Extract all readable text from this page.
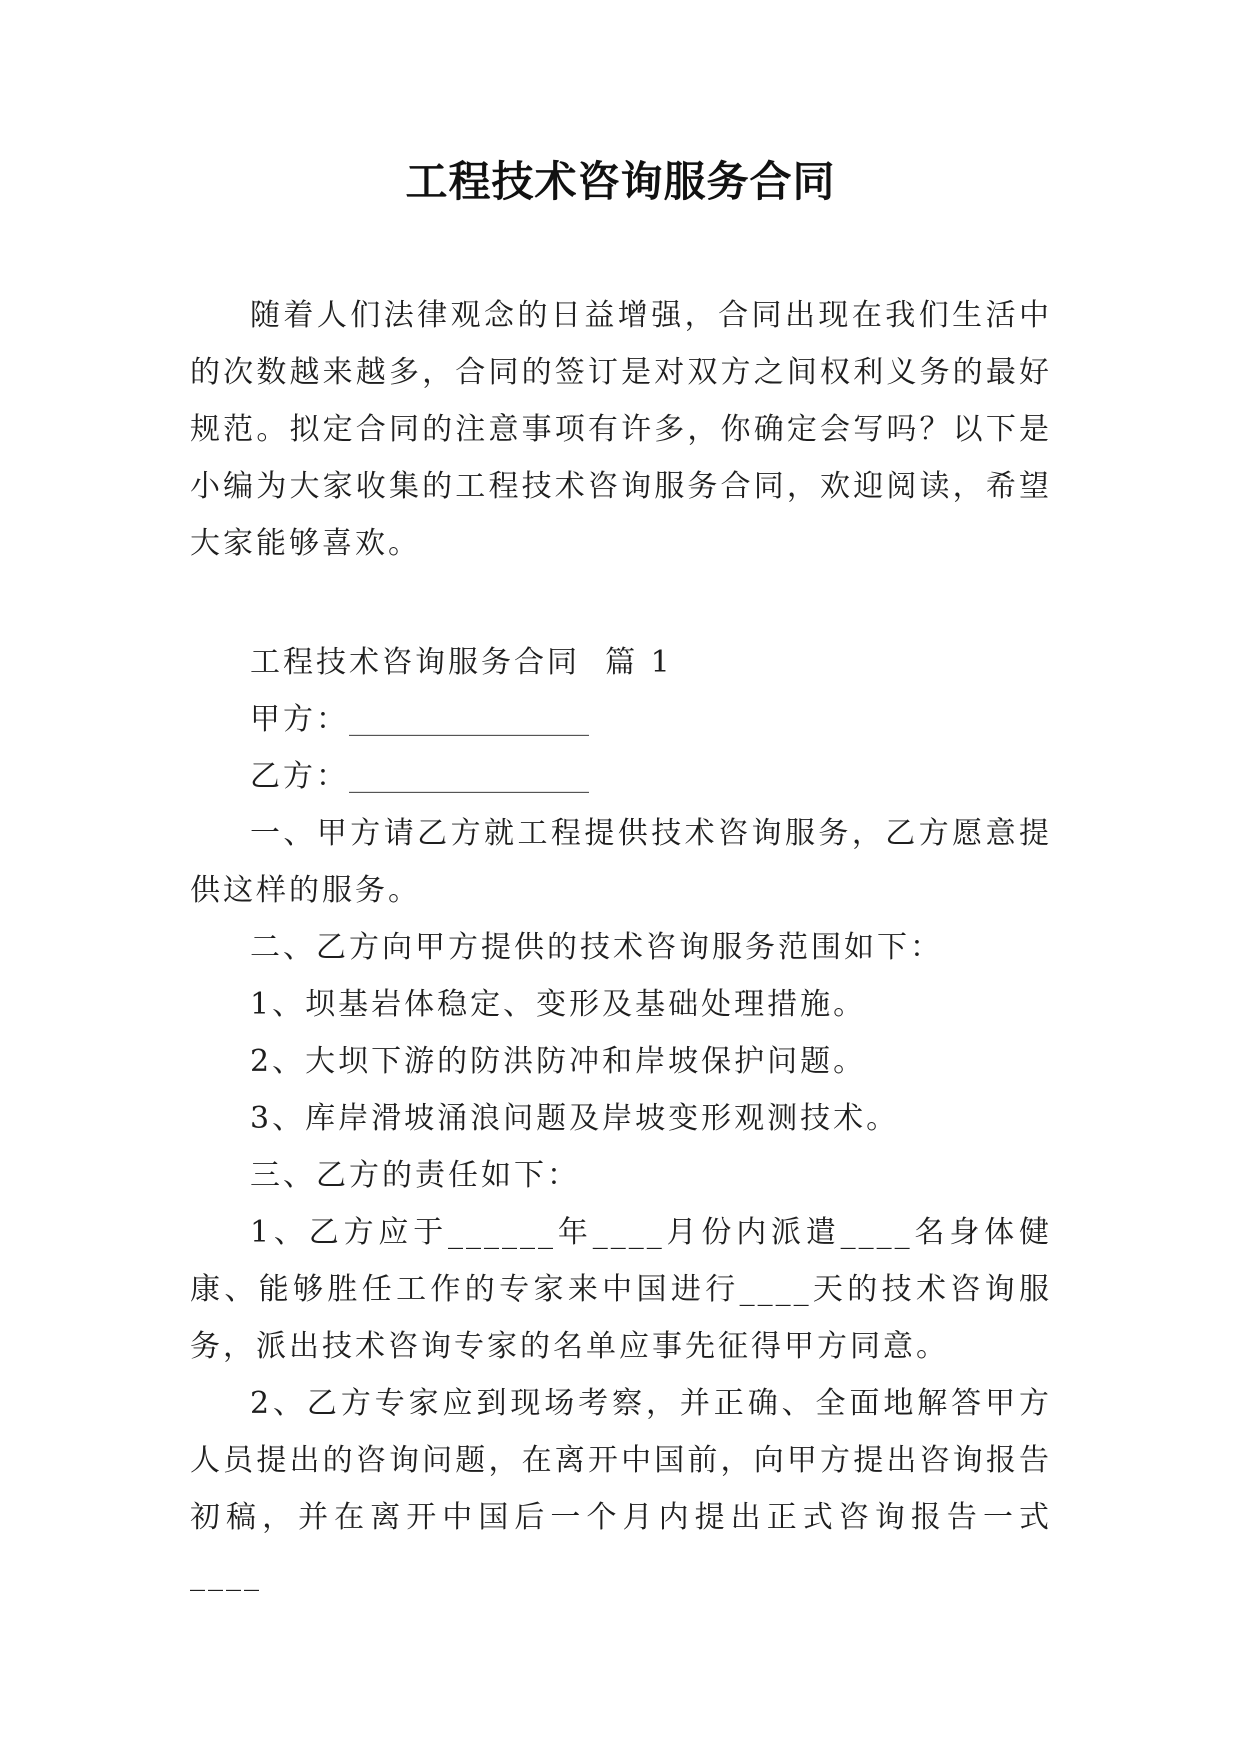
工程技术咨询服务合同

随着人们法律观念的日益增强，合同出现在我们生活中的次数越来越多，合同的签订是对双方之间权利义务的最好规范。拟定合同的注意事项有许多，你确定会写吗？以下是小编为大家收集的工程技术咨询服务合同，欢迎阅读，希望大家能够喜欢。

工程技术咨询服务合同  篇 1

甲方：________________

乙方：________________

一、甲方请乙方就工程提供技术咨询服务，乙方愿意提供这样的服务。

二、乙方向甲方提供的技术咨询服务范围如下：

1、坝基岩体稳定、变形及基础处理措施。

2、大坝下游的防洪防冲和岸坡保护问题。

3、库岸滑坡涌浪问题及岸坡变形观测技术。

三、乙方的责任如下：

1、乙方应于______年____月份内派遣____名身体健康、能够胜任工作的专家来中国进行____天的技术咨询服务，派出技术咨询专家的名单应事先征得甲方同意。

2、乙方专家应到现场考察，并正确、全面地解答甲方人员提出的咨询问题，在离开中国前，向甲方提出咨询报告初稿，并在离开中国后一个月内提出正式咨询报告一式____
